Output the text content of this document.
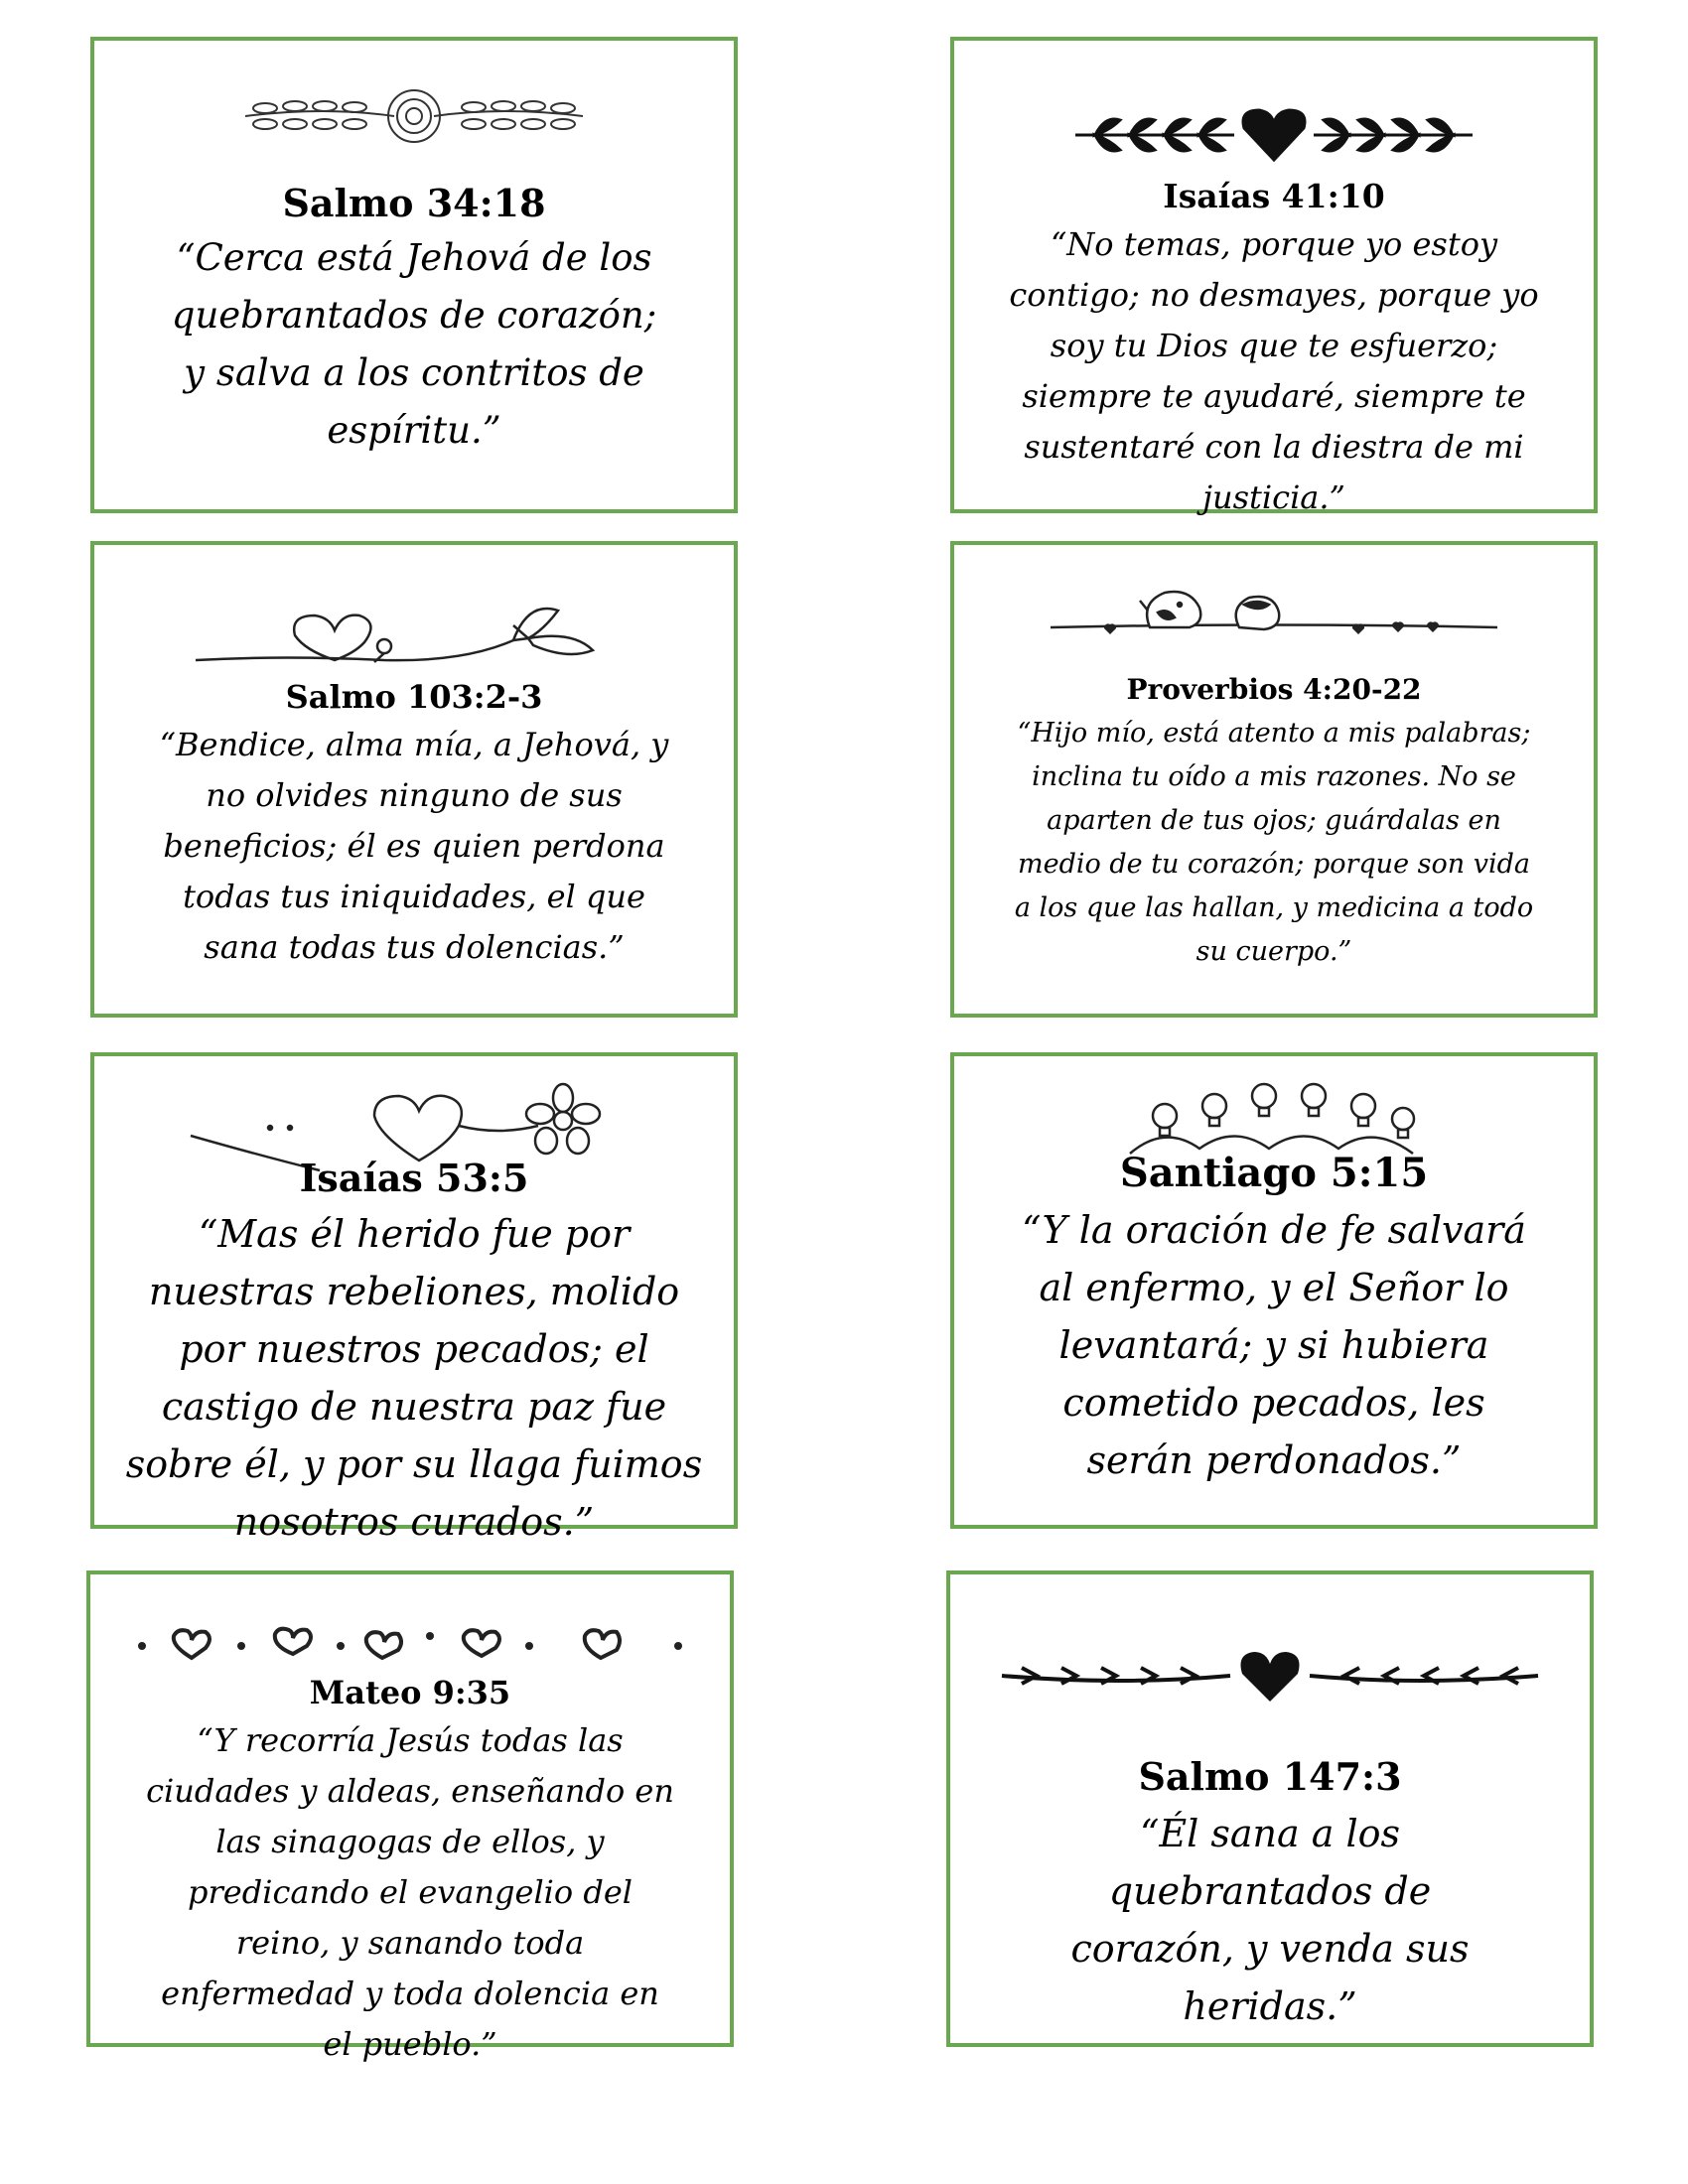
Salmo 34:18
“Cerca está Jehová de los quebrantados de corazón; y salva a los contritos de espíritu.”
Isaías 41:10
“No temas, porque yo estoy contigo; no desmayes, porque yo soy tu Dios que te esfuerzo; siempre te ayudaré, siempre te sustentaré con la diestra de mi justicia.”
Salmo 103:2-3
“Bendice, alma mía, a Jehová, y no olvides ninguno de sus beneficios; él es quien perdona todas tus iniquidades, el que sana todas tus dolencias.”
Proverbios 4:20-22
“Hijo mío, está atento a mis palabras; inclina tu oído a mis razones. No se aparten de tus ojos; guárdalas en medio de tu corazón; porque son vida a los que las hallan, y medicina a todo su cuerpo.”
Isaías 53:5
“Mas él herido fue por nuestras rebeliones, molido por nuestros pecados; el castigo de nuestra paz fue sobre él, y por su llaga fuimos nosotros curados.”
Santiago 5:15
“Y la oración de fe salvará al enfermo, y el Señor lo levantará; y si hubiera cometido pecados, les serán perdonados.”
Mateo 9:35
“Y recorría Jesús todas las ciudades y aldeas, enseñando en las sinagogas de ellos, y predicando el evangelio del reino, y sanando toda enfermedad y toda dolencia en el pueblo.”
Salmo 147:3
“Él sana a los quebrantados de corazón, y venda sus heridas.”
